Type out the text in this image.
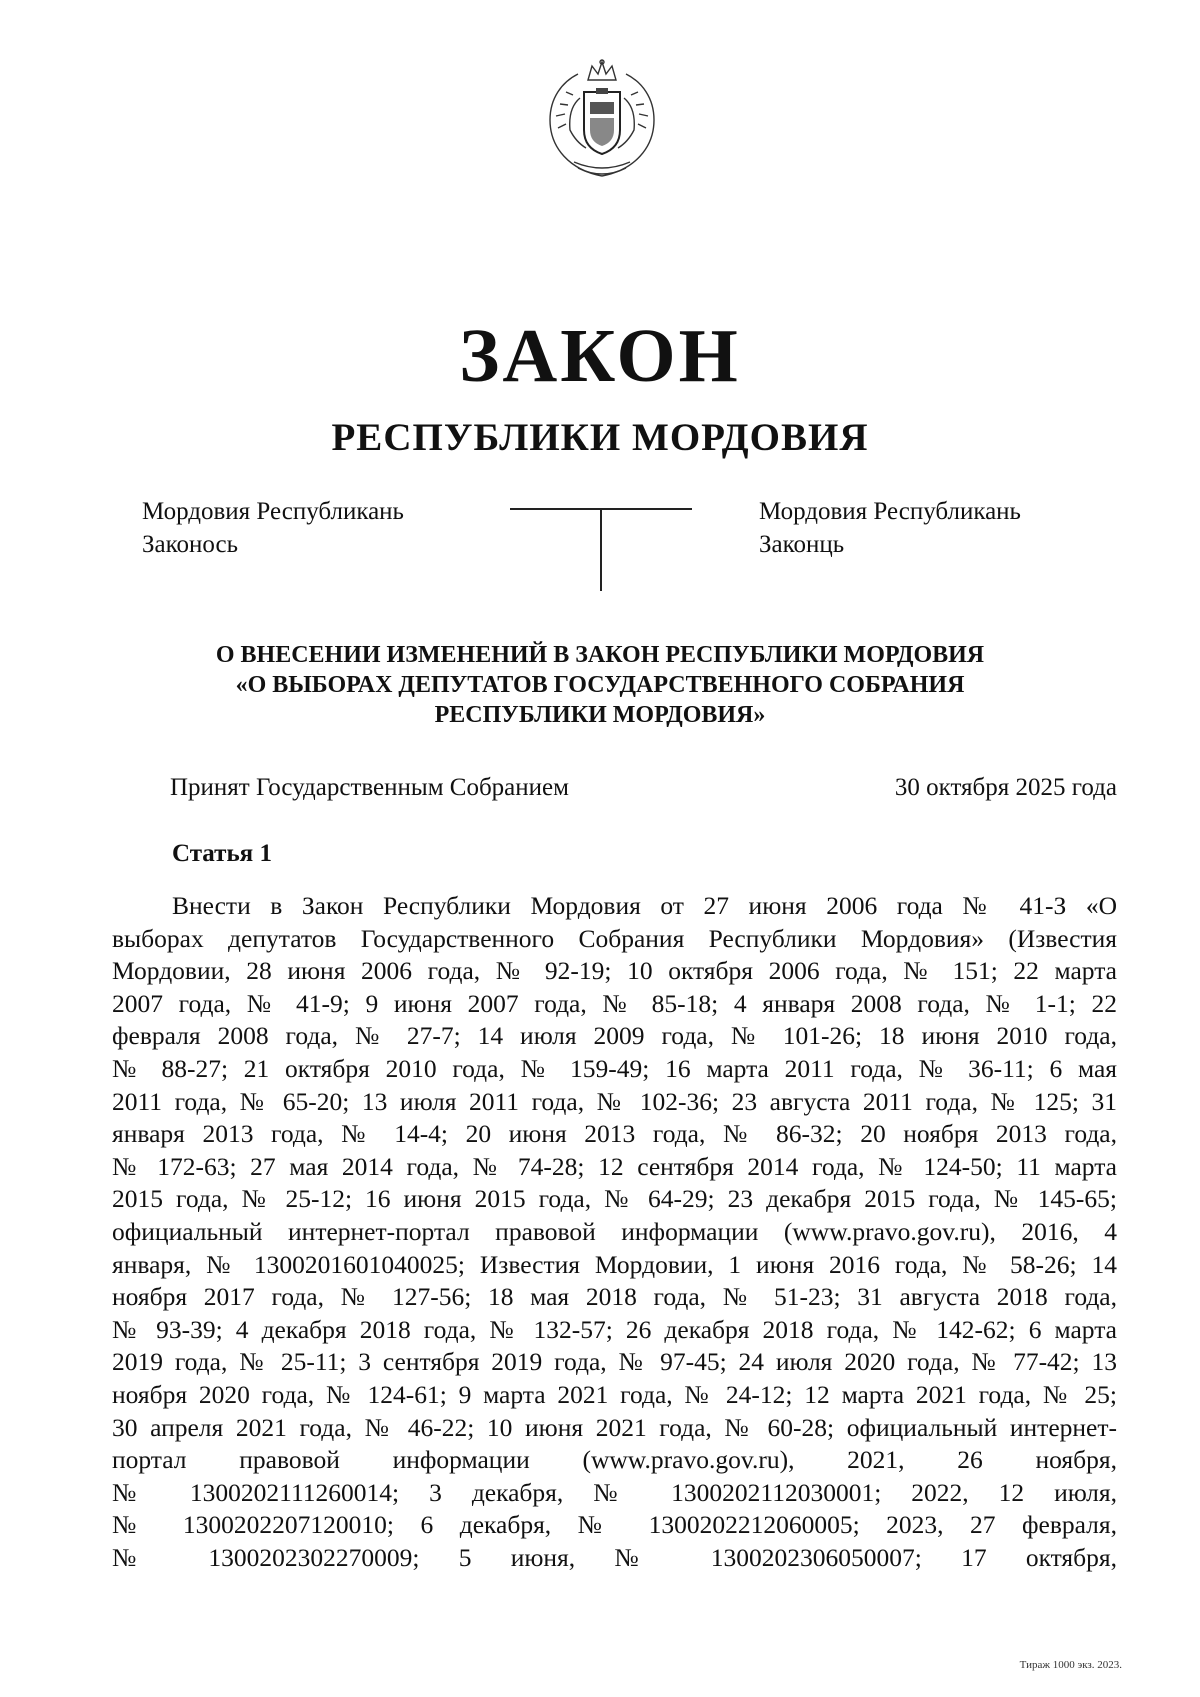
ЗАКОН
РЕСПУБЛИКИ МОРДОВИЯ
Мордовия Республикань
Законось
Мордовия Республикань
Законць
О ВНЕСЕНИИ ИЗМЕНЕНИЙ В ЗАКОН РЕСПУБЛИКИ МОРДОВИЯ
«О ВЫБОРАХ ДЕПУТАТОВ ГОСУДАРСТВЕННОГО СОБРАНИЯ
РЕСПУБЛИКИ МОРДОВИЯ»
Принят Государственным Собранием	30 октября 2025 года
Статья 1
Внести в Закон Республики Мордовия от 27 июня 2006 года № 41-З «О
выборах депутатов Государственного Собрания Республики Мордовия» (Известия
Мордовии, 28 июня 2006 года, № 92-19; 10 октября 2006 года, № 151; 22 марта
2007 года, № 41-9; 9 июня 2007 года, № 85-18; 4 января 2008 года, № 1-1; 22
февраля 2008 года, № 27-7; 14 июля 2009 года, № 101-26; 18 июня 2010 года,
№ 88-27; 21 октября 2010 года, № 159-49; 16 марта 2011 года, № 36-11; 6 мая
2011 года, № 65-20; 13 июля 2011 года, № 102-36; 23 августа 2011 года, № 125; 31
января 2013 года, № 14-4; 20 июня 2013 года, № 86-32; 20 ноября 2013 года,
№ 172-63; 27 мая 2014 года, № 74-28; 12 сентября 2014 года, № 124-50; 11 марта
2015 года, № 25-12; 16 июня 2015 года, № 64-29; 23 декабря 2015 года, № 145-65;
официальный интернет-портал правовой информации (www.pravo.gov.ru), 2016, 4
января, № 1300201601040025; Известия Мордовии, 1 июня 2016 года, № 58-26; 14
ноября 2017 года, № 127-56; 18 мая 2018 года, № 51-23; 31 августа 2018 года,
№ 93-39; 4 декабря 2018 года, № 132-57; 26 декабря 2018 года, № 142-62; 6 марта
2019 года, № 25-11; 3 сентября 2019 года, № 97-45; 24 июля 2020 года, № 77-42; 13
ноября 2020 года, № 124-61; 9 марта 2021 года, № 24-12; 12 марта 2021 года, № 25;
30 апреля 2021 года, № 46-22; 10 июня 2021 года, № 60-28; официальный интернет-
портал правовой информации (www.pravo.gov.ru), 2021, 26 ноября,
№ 1300202111260014; 3 декабря, № 1300202112030001; 2022, 12 июля,
№ 1300202207120010; 6 декабря, № 1300202212060005; 2023, 27 февраля,
№ 1300202302270009; 5 июня, № 1300202306050007; 17 октября,
Тираж 1000 экз. 2023.
